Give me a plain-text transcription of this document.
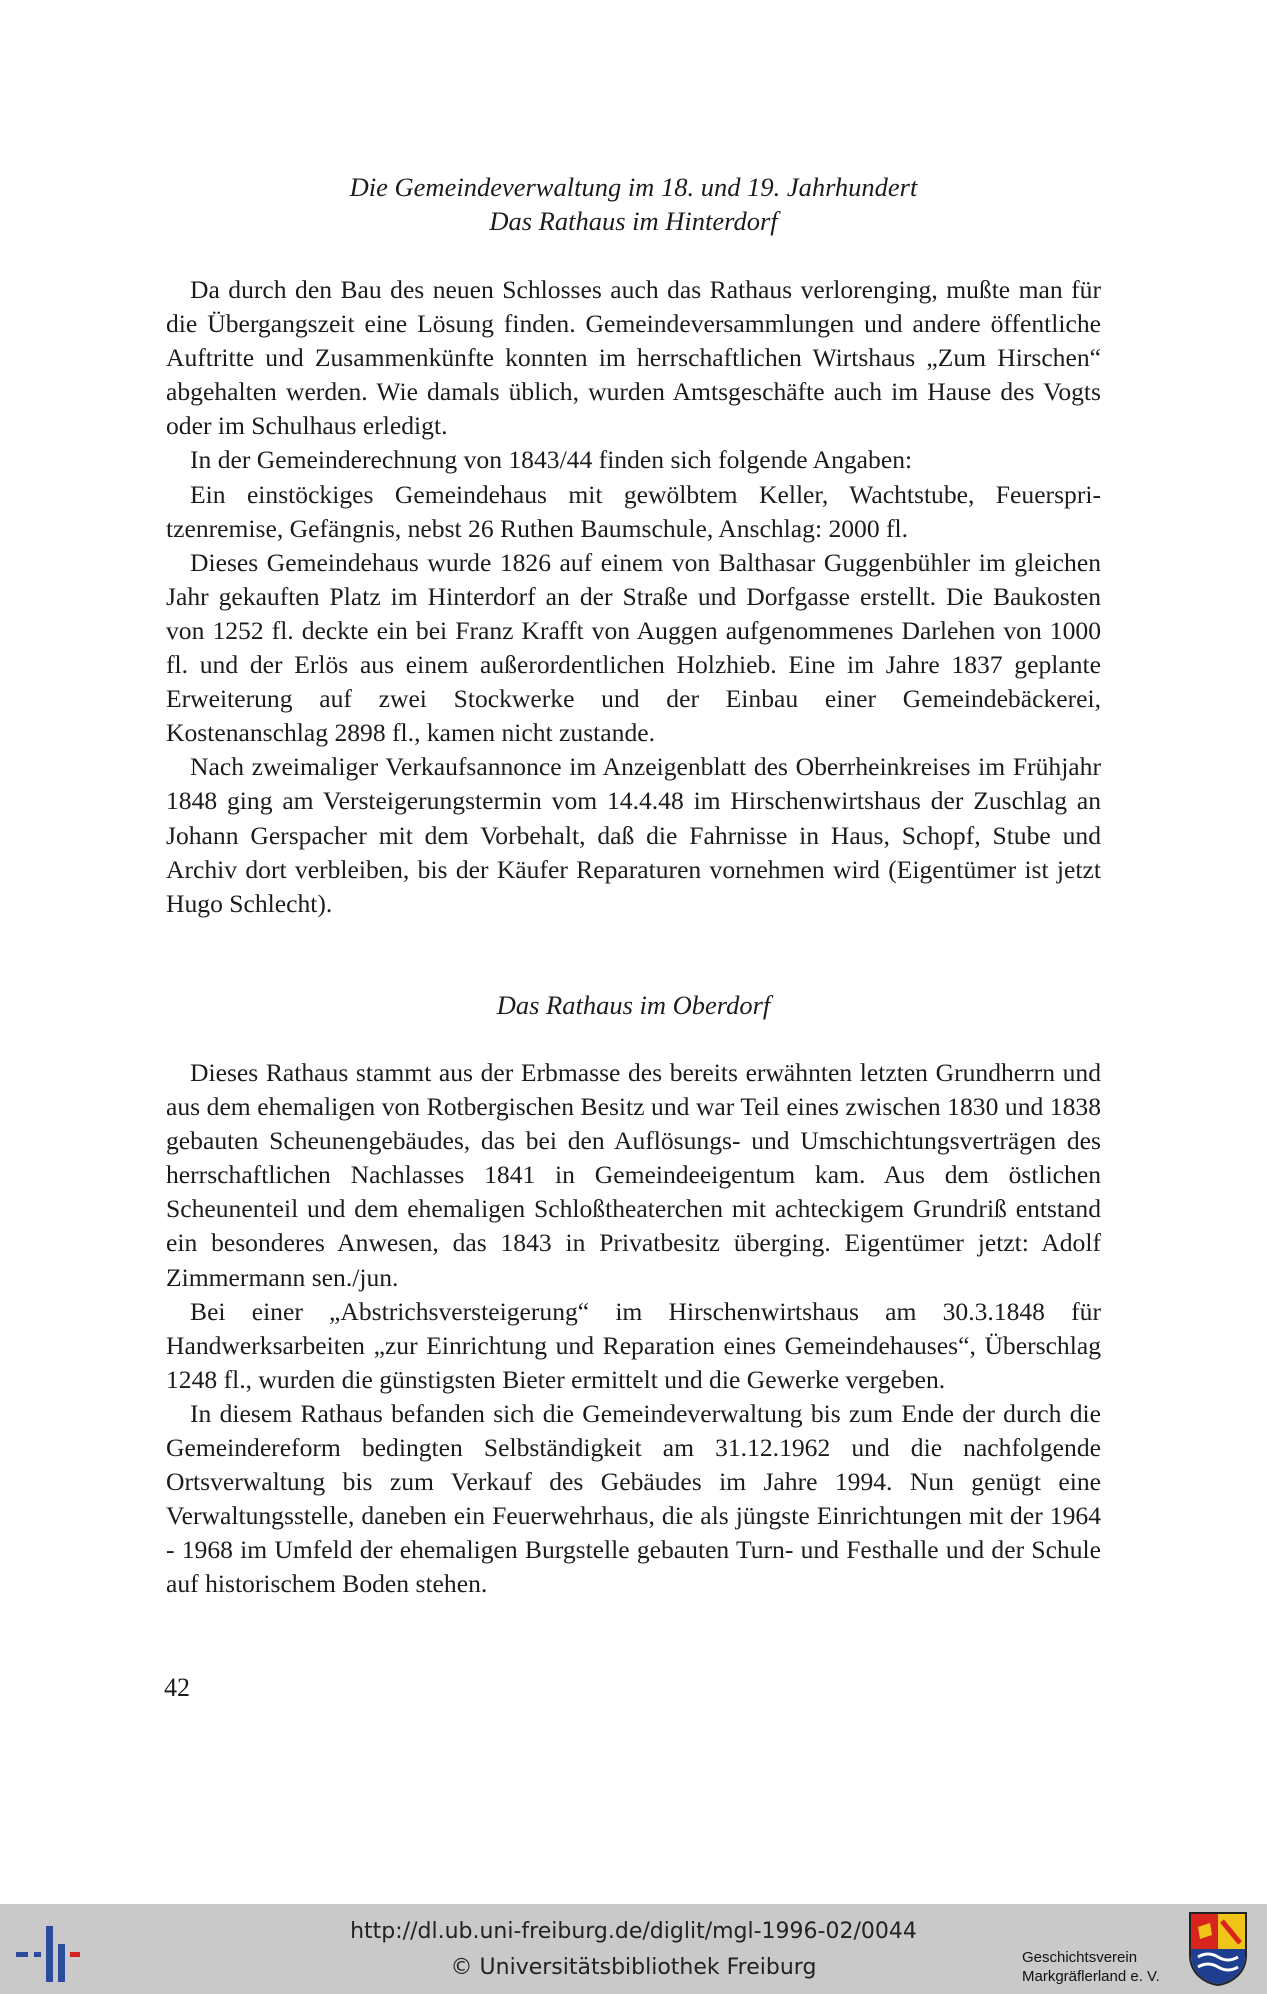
Die Gemeindeverwaltung im 18. und 19. Jahrhundert
Das Rathaus im Hinterdorf

Da durch den Bau des neuen Schlosses auch das Rathaus verlorenging, mußte man für die Übergangszeit eine Lösung finden. Gemeindeversammlungen und andere öffentliche Auftritte und Zusammenkünfte konnten im herrschaftlichen Wirtshaus „Zum Hirschen“ abgehalten werden. Wie damals üblich, wurden Amtsgeschäfte auch im Hause des Vogts oder im Schulhaus erledigt.

In der Gemeinderechnung von 1843/44 finden sich folgende Angaben:

Ein einstöckiges Gemeindehaus mit gewölbtem Keller, Wachtstube, Feuerspritzenremise, Gefängnis, nebst 26 Ruthen Baumschule, Anschlag: 2000 fl.

Dieses Gemeindehaus wurde 1826 auf einem von Balthasar Guggenbühler im gleichen Jahr gekauften Platz im Hinterdorf an der Straße und Dorfgasse erstellt. Die Baukosten von 1252 fl. deckte ein bei Franz Krafft von Auggen aufgenommenes Darlehen von 1000 fl. und der Erlös aus einem außerordentlichen Holzhieb. Eine im Jahre 1837 geplante Erweiterung auf zwei Stockwerke und der Einbau einer Gemeindebäckerei, Kostenanschlag 2898 fl., kamen nicht zustande.

Nach zweimaliger Verkaufsannonce im Anzeigenblatt des Oberrheinkreises im Frühjahr 1848 ging am Versteigerungstermin vom 14.4.48 im Hirschenwirtshaus der Zuschlag an Johann Gerspacher mit dem Vorbehalt, daß die Fahrnisse in Haus, Schopf, Stube und Archiv dort verbleiben, bis der Käufer Reparaturen vornehmen wird (Eigentümer ist jetzt Hugo Schlecht).

Das Rathaus im Oberdorf

Dieses Rathaus stammt aus der Erbmasse des bereits erwähnten letzten Grundherrn und aus dem ehemaligen von Rotbergischen Besitz und war Teil eines zwischen 1830 und 1838 gebauten Scheunengebäudes, das bei den Auflösungs- und Umschichtungsverträgen des herrschaftlichen Nachlasses 1841 in Gemeindeeigentum kam. Aus dem östlichen Scheunenteil und dem ehemaligen Schloßtheaterchen mit achteckigem Grundriß entstand ein besonderes Anwesen, das 1843 in Privatbesitz überging. Eigentümer jetzt: Adolf Zimmermann sen./jun.

Bei einer „Abstrichsversteigerung“ im Hirschenwirtshaus am 30.3.1848 für Handwerksarbeiten „zur Einrichtung und Reparation eines Gemeindehauses“, Überschlag 1248 fl., wurden die günstigsten Bieter ermittelt und die Gewerke vergeben.

In diesem Rathaus befanden sich die Gemeindeverwaltung bis zum Ende der durch die Gemeindereform bedingten Selbständigkeit am 31.12.1962 und die nachfolgende Ortsverwaltung bis zum Verkauf des Gebäudes im Jahre 1994. Nun genügt eine Verwaltungsstelle, daneben ein Feuerwehrhaus, die als jüngste Einrichtungen mit der 1964 - 1968 im Umfeld der ehemaligen Burgstelle gebauten Turn- und Festhalle und der Schule auf historischem Boden stehen.

42
http://dl.ub.uni-freiburg.de/diglit/mgl-1996-02/0044
© Universitätsbibliothek Freiburg	Geschichtsverein
Markgräflerland e. V.
